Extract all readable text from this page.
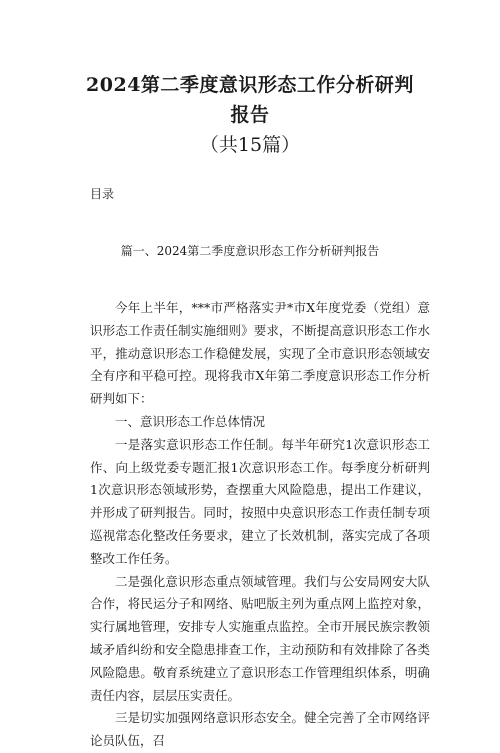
2024第二季度意识形态工作分析研判报告
（共15篇）
目录
篇一、2024第二季度意识形态工作分析研判报告

今年上半年，***市严格落实尹*市X年度党委（党组）意识形态工作责任制实施细则》要求，不断提高意识形态工作水平，推动意识形态工作稳健发展，实现了全市意识形态领域安全有序和平稳可控。现将我市X年第二季度意识形态工作分析研判如下：

一、意识形态工作总体情况

一是落实意识形态工作任制。每半年研究1次意识形态工作、向上级党委专题汇报1次意识形态工作。每季度分析研判1次意识形态领域形势，查摆重大风险隐患，提出工作建议，并形成了研判报告。同时，按照中央意识形态工作责任制专项巡视常态化整改任务要求，建立了长效机制，落实完成了各项整改工作任务。

二是强化意识形态重点领域管理。我们与公安局网安大队合作，将民运分子和网络、贴吧版主列为重点网上监控对象，实行属地管理，安排专人实施重点监控。全市开展民族宗教领域矛盾纠纷和安全隐患排查工作，主动预防和有效排除了各类风险隐患。敬育系统建立了意识形态工作管理组织体系，明确责任内容，层层压实责任。

三是切实加强网络意识形态安全。健全完善了全市网络评论员队伍，召
